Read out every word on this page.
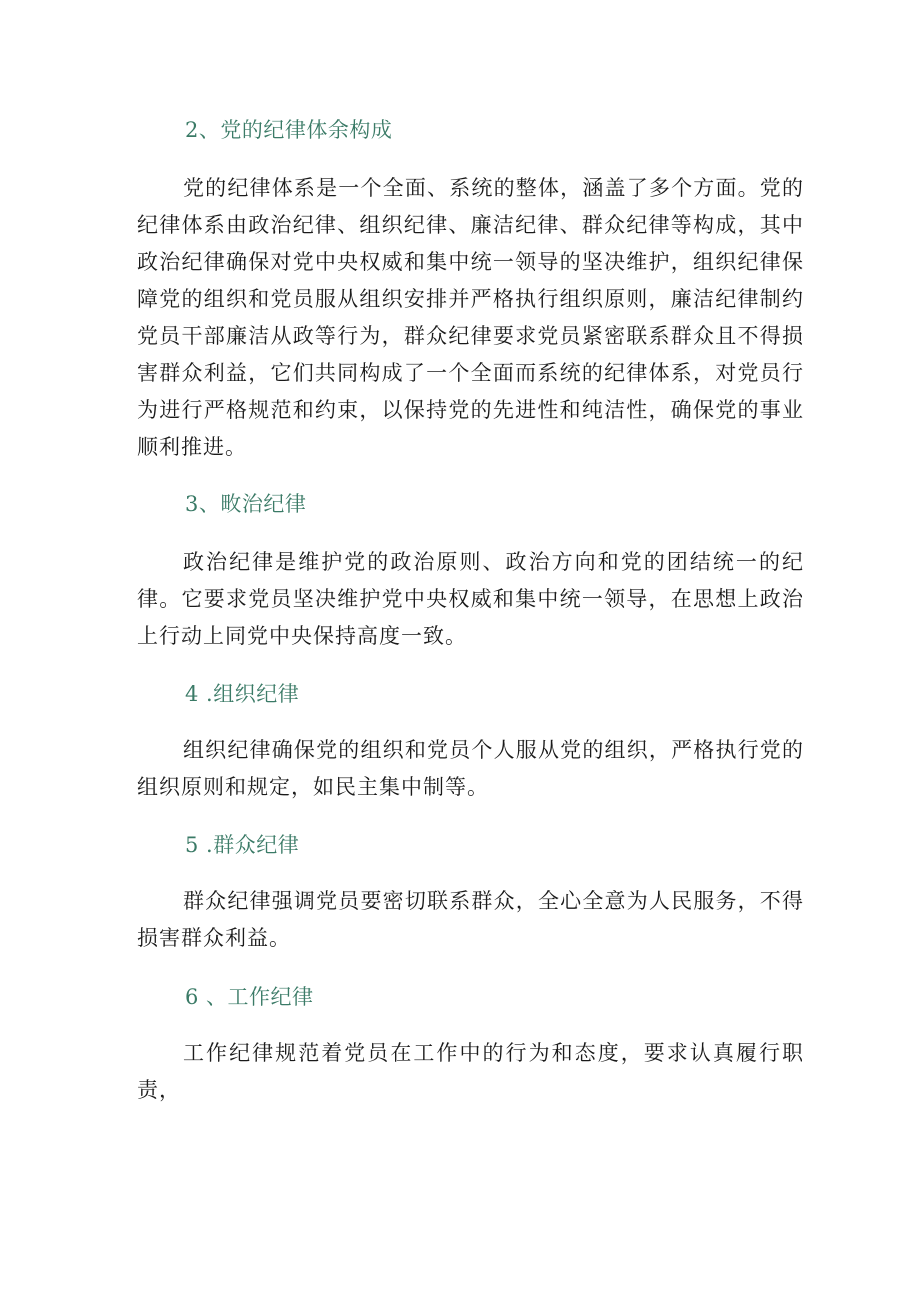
2、党的纪律体余构成

党的纪律体系是一个全面、系统的整体，涵盖了多个方面。党的纪律体系由政治纪律、组织纪律、廉洁纪律、群众纪律等构成，其中政治纪律确保对党中央权威和集中统一领导的坚决维护，组织纪律保障党的组织和党员服从组织安排并严格执行组织原则，廉洁纪律制约党员干部廉洁从政等行为，群众纪律要求党员紧密联系群众且不得损害群众利益，它们共同构成了一个全面而系统的纪律体系，对党员行为进行严格规范和约束，以保持党的先进性和纯洁性，确保党的事业顺利推进。

3、畋治纪律

政治纪律是维护党的政治原则、政治方向和党的团结统一的纪律。它要求党员坚决维护党中央权威和集中统一领导，在思想上政治上行动上同党中央保持高度一致。

4 .组织纪律

组织纪律确保党的组织和党员个人服从党的组织，严格执行党的组织原则和规定，如民主集中制等。

5 .群众纪律

群众纪律强调党员要密切联系群众，全心全意为人民服务，不得损害群众利益。

6 、工作纪律

工作纪律规范着党员在工作中的行为和态度，要求认真履行职责，
